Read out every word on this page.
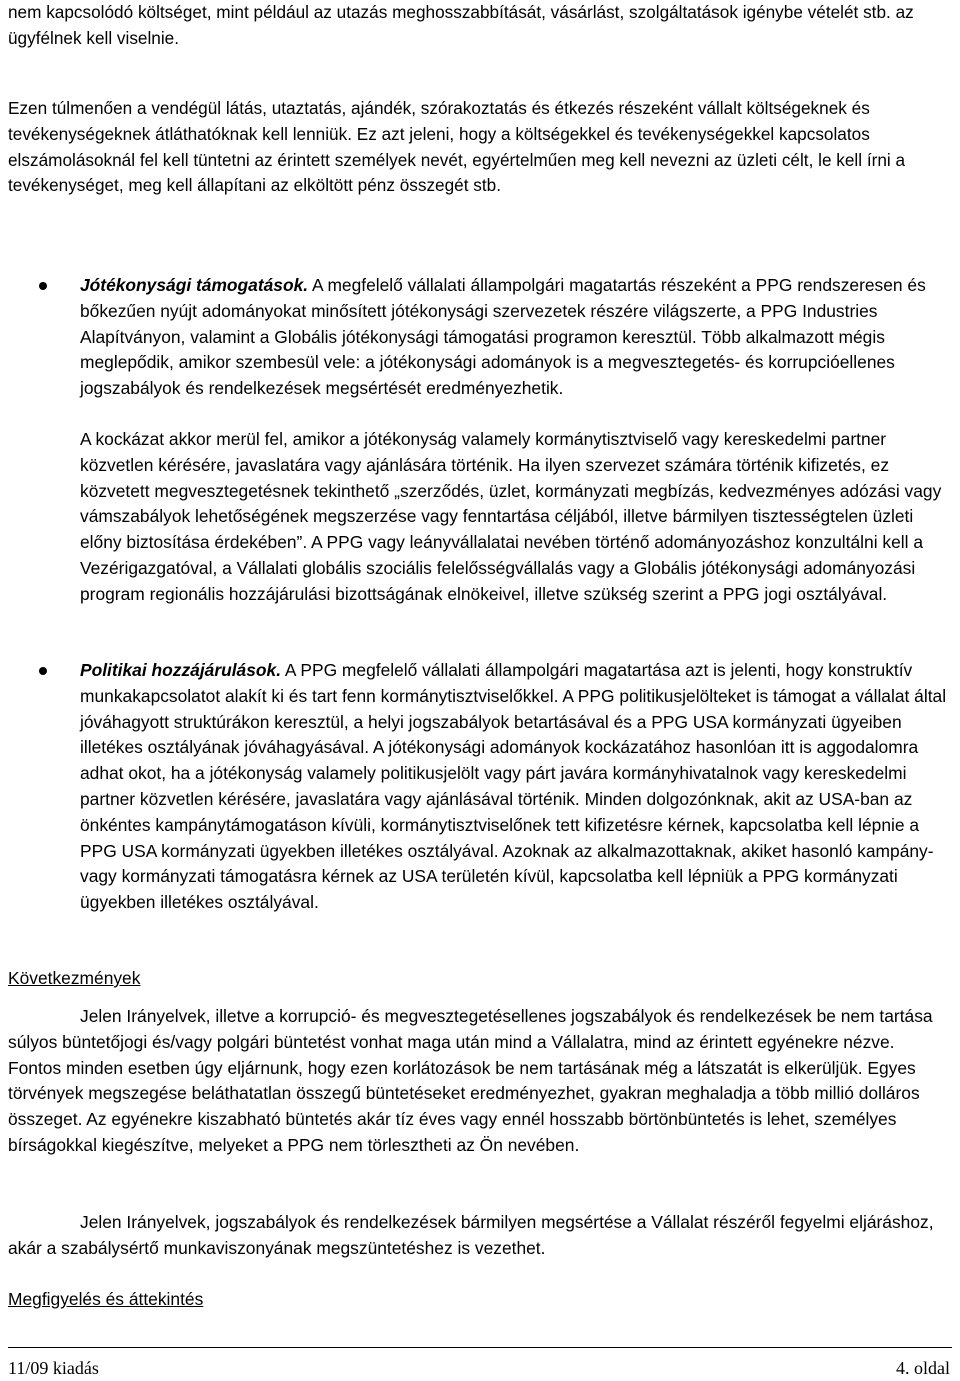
nem kapcsolódó költséget, mint például az utazás meghosszabbítását, vásárlást, szolgáltatások igénybe vételét stb. az ügyfélnek kell viselnie.

Ezen túlmenően a vendégül látás, utaztatás, ajándék, szórakoztatás és étkezés részeként vállalt költségeknek és tevékenységeknek átláthatóknak kell lenniük. Ez azt jeleni, hogy a költségekkel és tevékenységekkel kapcsolatos elszámolásoknál fel kell tüntetni az érintett személyek nevét, egyértelműen meg kell nevezni az üzleti célt, le kell írni a tevékenységet, meg kell állapítani az elköltött pénz összegét stb.

Jótékonysági támogatások. A megfelelő vállalati állampolgári magatartás részeként a PPG rendszeresen és bőkezűen nyújt adományokat minősített jótékonysági szervezetek részére világszerte, a PPG Industries Alapítványon, valamint a Globális jótékonysági támogatási programon keresztül. Több alkalmazott mégis meglepődik, amikor szembesül vele: a jótékonysági adományok is a megvesztegetés- és korrupcióellenes jogszabályok és rendelkezések megsértését eredményezhetik.

A kockázat akkor merül fel, amikor a jótékonyság valamely kormánytisztviselő vagy kereskedelmi partner közvetlen kérésére, javaslatára vagy ajánlására történik. Ha ilyen szervezet számára történik kifizetés, ez közvetett megvesztegetésnek tekinthető „szerződés, üzlet, kormányzati megbízás, kedvezményes adózási vagy vámszabályok lehetőségének megszerzése vagy fenntartása céljából, illetve bármilyen tisztességtelen üzleti előny biztosítása érdekében”. A PPG vagy leányvállalatai nevében történő adományozáshoz konzultálni kell a Vezérigazgatóval, a Vállalati globális szociális felelősségvállalás vagy a Globális jótékonysági adományozási program regionális hozzájárulási bizottságának elnökeivel, illetve szükség szerint a PPG jogi osztályával.

Politikai hozzájárulások. A PPG megfelelő vállalati állampolgári magatartása azt is jelenti, hogy konstruktív munkakapcsolatot alakít ki és tart fenn kormánytisztviselőkkel. A PPG politikusjelölteket is támogat a vállalat által jóváhagyott struktúrákon keresztül, a helyi jogszabályok betartásával és a PPG USA kormányzati ügyeiben illetékes osztályának jóváhagyásával. A jótékonysági adományok kockázatához hasonlóan itt is aggodalomra adhat okot, ha a jótékonyság valamely politikusjelölt vagy párt javára kormányhivatalnok vagy kereskedelmi partner közvetlen kérésére, javaslatára vagy ajánlásával történik. Minden dolgozónknak, akit az USA-ban az önkéntes kampánytámogatáson kívüli, kormánytisztviselőnek tett kifizetésre kérnek, kapcsolatba kell lépnie a PPG USA kormányzati ügyekben illetékes osztályával. Azoknak az alkalmazottaknak, akiket hasonló kampány- vagy kormányzati támogatásra kérnek az USA területén kívül, kapcsolatba kell lépniük a PPG kormányzati ügyekben illetékes osztályával.

Következmények

Jelen Irányelvek, illetve a korrupció- és megvesztegetésellenes jogszabályok és rendelkezések be nem tartása súlyos büntetőjogi és/vagy polgári büntetést vonhat maga után mind a Vállalatra, mind az érintett egyénekre nézve. Fontos minden esetben úgy eljárnunk, hogy ezen korlátozások be nem tartásának még a látszatát is elkerüljük. Egyes törvények megszegése beláthatatlan összegű büntetéseket eredményezhet, gyakran meghaladja a több millió dolláros összeget. Az egyénekre kiszabható büntetés akár tíz éves vagy ennél hosszabb börtönbüntetés is lehet, személyes bírságokkal kiegészítve, melyeket a PPG nem törlesztheti az Ön nevében.

Jelen Irányelvek, jogszabályok és rendelkezések bármilyen megsértése a Vállalat részéről fegyelmi eljáráshoz, akár a szabálysértő munkaviszonyának megszüntetéshez is vezethet.

Megfigyelés és áttekintés

11/09 kiadás	4. oldal
